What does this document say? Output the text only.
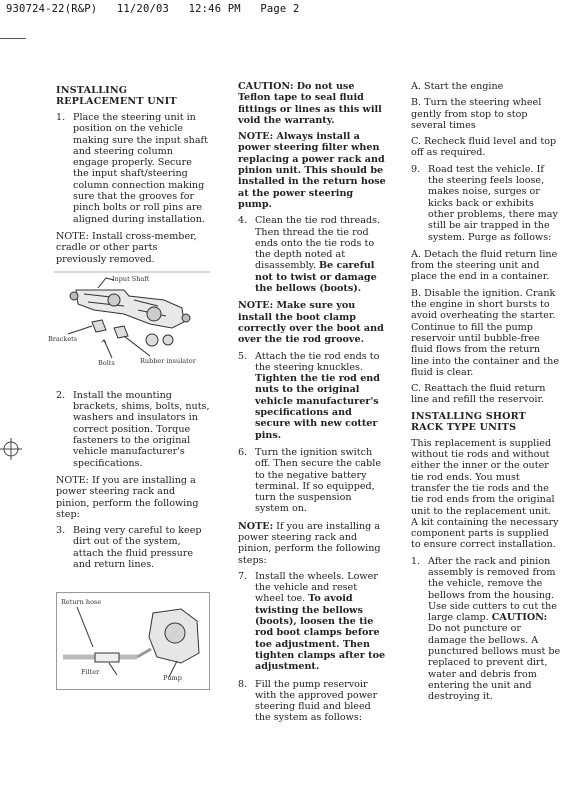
930724-22(R&P)   11/20/03   12:46 PM   Page 2

INSTALLING REPLACEMENT UNIT

1. Place the steering unit in position on the vehicle making sure the input shaft and steering column engage properly. Secure the input shaft/steering column connection making sure that the grooves for pinch bolts or roll pins are aligned during installation.

NOTE: Install cross-member, cradle or other parts previously removed.

Input Shaft
Brackets
Bolts	Rubber insulator
2. Install the mounting brackets, shims, bolts, nuts, washers and insulators in correct position. Torque fasteners to the original vehicle manufacturer's specifications.

NOTE: If you are installing a power steering rack and pinion, perform the following step:

3. Being very careful to keep dirt out of the system, attach the fluid pressure and return lines.
Return hose
Filter
Pump

CAUTION: Do not use Teflon tape to seal fluid fittings or lines as this will void the warranty.

NOTE: Always install a power steering filter when replacing a power rack and pinion unit. This should be installed in the return hose at the power steering pump.

4. Clean the tie rod threads. Then thread the tie rod ends onto the tie rods to the depth noted at disassembly. Be careful not to twist or damage the bellows (boots).

NOTE: Make sure you install the boot clamp correctly over the boot and over the tie rod groove.

5. Attach the tie rod ends to the steering knuckles. Tighten the tie rod end nuts to the original vehicle manufacturer's specifications and secure with new cotter pins.
6. Turn the ignition switch off. Then secure the cable to the negative battery terminal. If so equipped, turn the suspension system on.

NOTE: If you are installing a power steering rack and pinion, perform the following steps:

7. Install the wheels. Lower the vehicle and reset wheel toe. To avoid twisting the bellows (boots), loosen the tie rod boot clamps before toe adjustment. Then tighten clamps after toe adjustment.
8. Fill the pump reservoir with the approved power steering fluid and bleed the system as follows:

A. Start the engine

B. Turn the steering wheel gently from stop to stop several times

C. Recheck fluid level and top off as required.

9. Road test the vehicle. If the steering feels loose, makes noise, surges or kicks back or exhibits other problems, there may still be air trapped in the system. Purge as follows:

A. Detach the fluid return line from the steering unit and place the end in a container.

B. Disable the ignition. Crank the engine in short bursts to avoid overheating the starter. Continue to fill the pump reservoir until bubble-free fluid flows from the return line into the container and the fluid is clear.

C. Reattach the fluid return line and refill the reservoir.

INSTALLING SHORT RACK TYPE UNITS

This replacement is supplied without tie rods and without either the inner or the outer tie rod ends. You must transfer the tie rods and the tie rod ends from the original unit to the replacement unit. A kit containing the necessary component parts is supplied to ensure correct installation.

1. After the rack and pinion assembly is removed from the vehicle, remove the bellows from the housing. Use side cutters to cut the large clamp. CAUTION: Do not puncture or damage the bellows. A punctured bellows must be replaced to prevent dirt, water and debris from entering the unit and destroying it.
